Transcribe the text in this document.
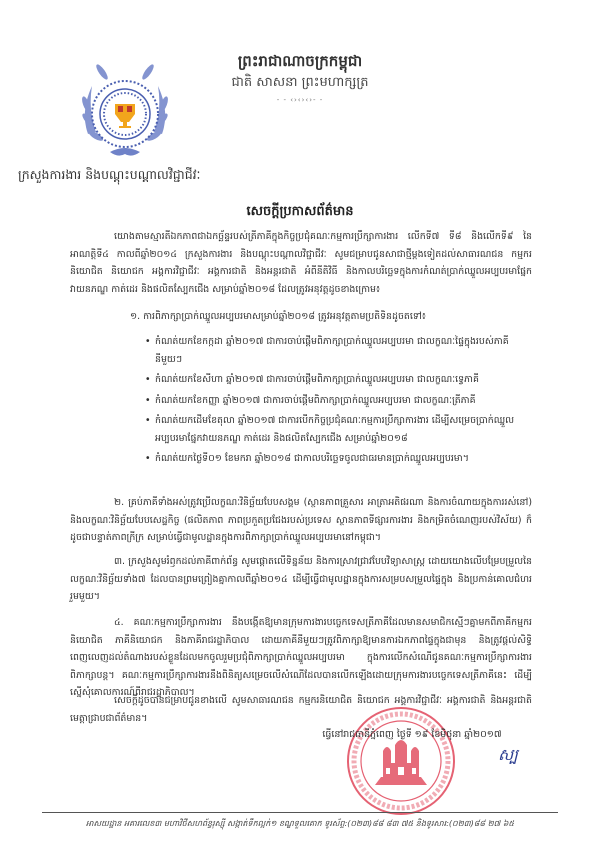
ព្រះរាជាណាចក្រកម្ពុជា
ជាតិ សាសនា ព្រះមហាក្សត្រ
- - ‹›‹›‹›- -
ក្រសួងការងារ និងបណ្តុះបណ្តាលវិជ្ជាជីវៈ
សេចក្តីប្រកាសព័ត៌មាន
យោងតាមស្មារតីឯកភាពជាឯកច្ឆ័ន្ទរបស់ត្រីភាគីក្នុងកិច្ចប្រជុំគណៈកម្មការប្រឹក្សាការងារ លើកទី៧ ទី៨ និងលើកទី៩ នៃអាណត្តិទី៤ កាលពីឆ្នាំ២០១៤ ក្រសួងការងារ និងបណ្តុះបណ្តាលវិជ្ជាជីវៈ សូមជម្រាបជូនសាជាថ្មីម្តងទៀតដល់សាធារណជន កម្មករនិយោជិត និយោជក អង្គការវិជ្ជាជីវៈ អង្គការជាតិ និងអន្តរជាតិ អំពីនីតិវិធី និងកាលបរិច្ឆេទក្នុងការកំណត់ប្រាក់ឈ្នួលអប្បបរមាផ្នែកវាយនភណ្ឌ កាត់ដេរ និងផលិតស្បែកជើង សម្រាប់ឆ្នាំ២០១៨ ដែលត្រូវអនុវត្តដូចខាងក្រោម៖
១. ការពិភាក្សាប្រាក់ឈ្នួលអប្បបរមាសម្រាប់ឆ្នាំ២០១៨ ត្រូវអនុវត្តតាមប្រតិទិនដូចតទៅ៖
• កំណត់យកខែកក្កដា ឆ្នាំ២០១៧ ជាការចាប់ផ្តើមពិភាក្សាប្រាក់ឈ្នួលអប្បបរមា ជាលក្ខណៈផ្ទៃក្នុងរបស់ភាគីនីមួយៗ
• កំណត់យកខែសីហា ឆ្នាំ២០១៧ ជាការចាប់ផ្តើមពិភាក្សាប្រាក់ឈ្នួលអប្បបរមា ជាលក្ខណៈទ្វេភាគី
• កំណត់យកខែកញ្ញា ឆ្នាំ២០១៧ ជាការចាប់ផ្តើមពិភាក្សាប្រាក់ឈ្នួលអប្បបរមា ជាលក្ខណៈត្រីភាគី
• កំណត់យកដើមខែតុលា ឆ្នាំ២០១៧ ជាការបើកកិច្ចប្រជុំគណៈកម្មការប្រឹក្សាការងារ ដើម្បីសម្រេចប្រាក់ឈ្នួលអប្បបរមាផ្នែកវាយនភណ្ឌ កាត់ដេរ និងផលិតស្បែកជើង សម្រាប់ឆ្នាំ២០១៨
• កំណត់យកថ្ងៃទី០១ ខែមករា ឆ្នាំ២០១៨ ជាកាលបរិច្ឆេទចូលជាធរមានប្រាក់ឈ្នួលអប្បបរមា។
២. គ្រប់ភាគីទាំងអស់ត្រូវប្រើលក្ខណៈវិនិច្ឆ័យបែបសង្គម (ស្ថានភាពគ្រួសារ អាត្រាអតិផរណា និងការចំណាយក្នុងការរស់នៅ) និងលក្ខណៈវិនិច្ឆ័យបែបសេដ្ឋកិច្ច (ផលិតភាព ភាពប្រកួតប្រជែងរបស់ប្រទេស ស្ថានភាពទីផ្សារការងារ និងកម្រិតចំណេញរបស់វិស័យ) ក៏ដូចជាបន្ទាត់ភាពក្រីក្រ សម្រាប់ធ្វើជាមូលដ្ឋានក្នុងការពិភាក្សាប្រាក់ឈ្នួលអប្បបរមានៅកម្ពុជា។
៣. ក្រសួងសូមរំឭកដល់ភាគីពាក់ព័ន្ធ សូមផ្តោតលើទិន្នន័យ និងការស្រាវជ្រាវបែបវិទ្យាសាស្ត្រ ដោយយោងលើបម្រែបម្រួលនៃលក្ខណៈវិនិច្ឆ័យទាំង៧ ដែលបានព្រមព្រៀងគ្នាកាលពីឆ្នាំ២០១៤ ដើម្បីធ្វើជាមូលដ្ឋានក្នុងការសម្របសម្រួលផ្ទៃក្នុង និងប្រកាន់គោលជំហររួមមួយ។
៤. គណៈកម្មការប្រឹក្សាការងារ នឹងបង្កើតឱ្យមានក្រុមការងារបច្ចេកទេសត្រីភាគីដែលមានសមាជិកស្មើៗគ្នាមកពីភាគីកម្មករនិយោជិត ភាគីនិយោជក និងភាគីរាជរដ្ឋាភិបាល ដោយភាគីនីមួយៗត្រូវពិភាក្សាឱ្យមានការឯកភាពផ្ទៃក្នុងជាមុន និងត្រូវផ្តល់សិទ្ធិពេញលេញដល់តំណាងរបស់ខ្លួនដែលមកចូលរួមប្រជុំពិភាក្សាប្រាក់ឈ្នួលអប្បបរមា ក្នុងការលើកសំណើជូនគណៈកម្មការប្រឹក្សាការងារពិភាក្សាបន្ត។ គណៈកម្មការប្រឹក្សាការងារនឹងពិនិត្យសម្រេចលើសំណើដែលបានលើកឡើងដោយក្រុមការងារបច្ចេកទេសត្រីភាគីនេះ ដើម្បីស្នើសុំគោលការណ៍ពីរាជរដ្ឋាភិបាល។
សេចក្តីដូចបានជម្រាបជូនខាងលើ សូមសាធារណជន កម្មករនិយោជិត និយោជក អង្គការវិជ្ជាជីវៈ អង្គការជាតិ និងអន្តរជាតិ មេត្តាជ្រាបជាព័ត៌មាន។
ធ្វើនៅរាជធានីភ្នំពេញ ថ្ងៃទី ១៩ ខែមិថុនា ឆ្នាំ២០១៧
ស្ប
អាសយដ្ឋាន អគារលេខ៣ មហាវិថីសហព័ន្ធរុស្ស៊ី សង្កាត់ទឹកល្អក់១ ខណ្ឌទួលគោក ទូរស័ព្ទ:(០២៣)៨៨ ៨៣ ៧៥ និងទូរសារ:(០២៣)៨៨ ២៧ ៦៥
